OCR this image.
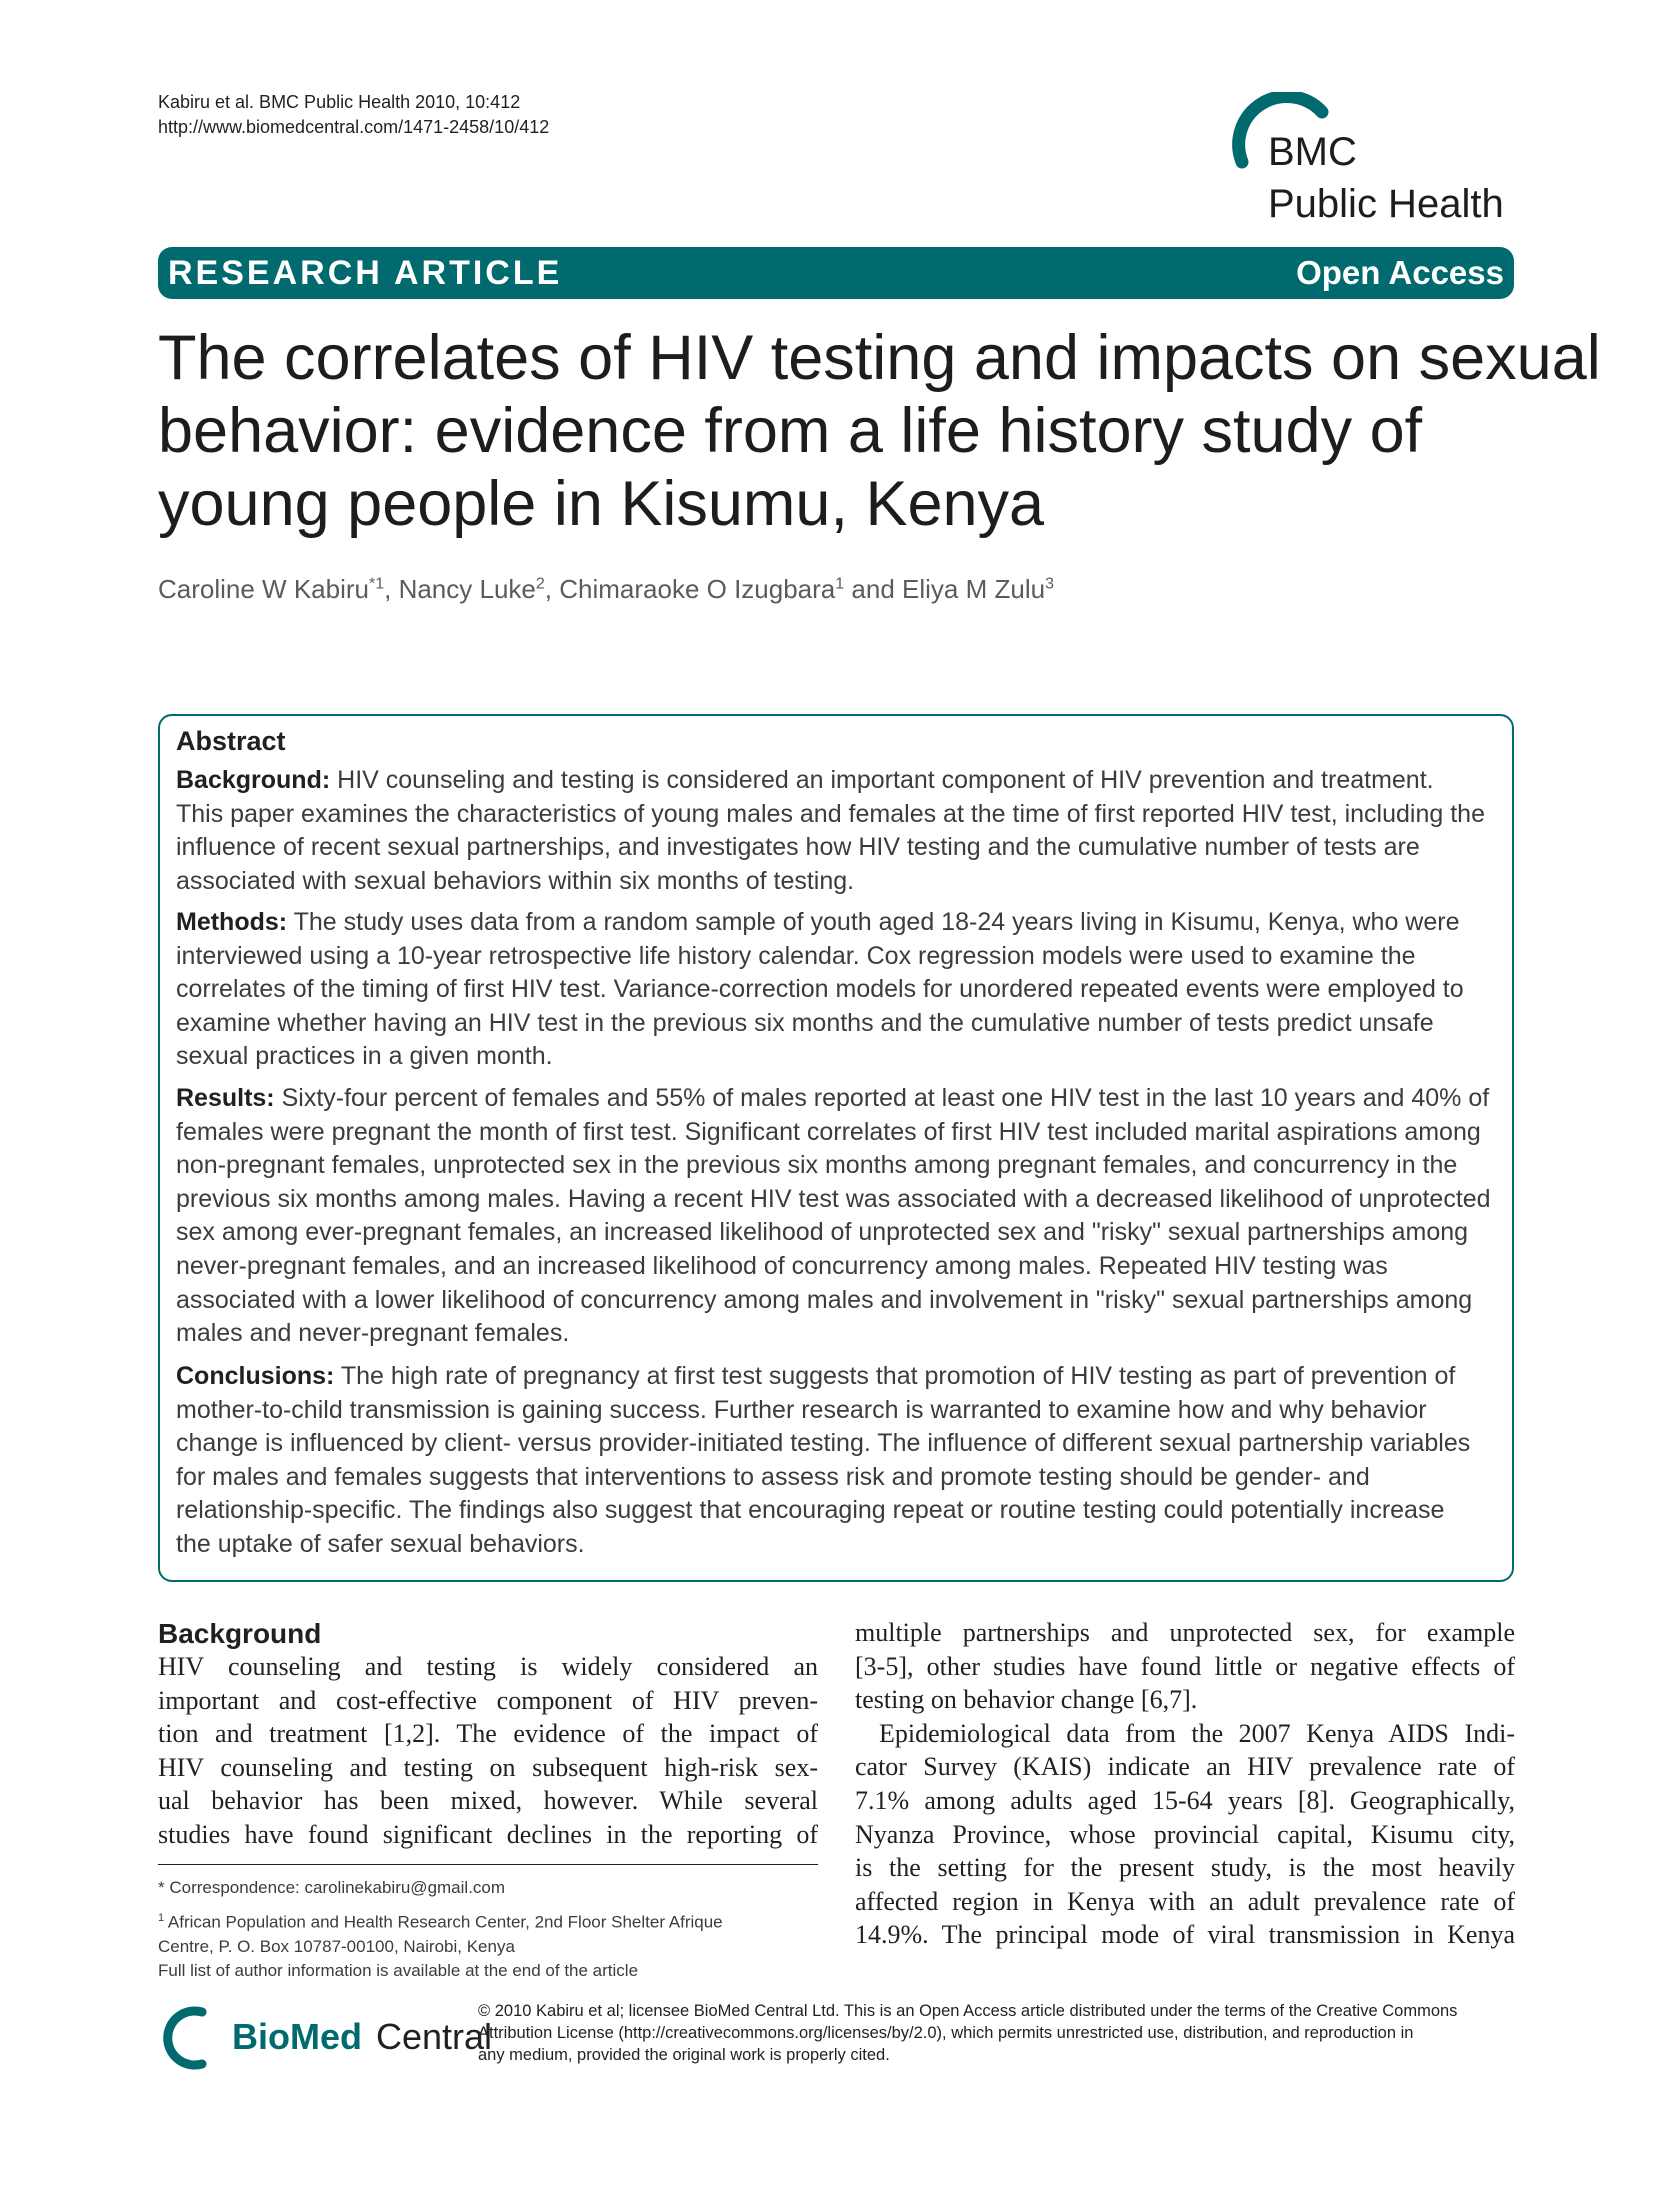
Kabiru et al. BMC Public Health 2010, 10:412
http://www.biomedcentral.com/1471-2458/10/412
BMC
Public Health
RESEARCH ARTICLE	Open Access
The correlates of HIV testing and impacts on sexual
behavior: evidence from a life history study of
young people in Kisumu, Kenya
Caroline W Kabiru$^{*1}$, Nancy Luke$^2$, Chimaraoke O Izugbara$^1$ and Eliya M Zulu$^3$
Abstract
Background: HIV counseling and testing is considered an important component of HIV prevention and treatment.
This paper examines the characteristics of young males and females at the time of first reported HIV test, including the
influence of recent sexual partnerships, and investigates how HIV testing and the cumulative number of tests are
associated with sexual behaviors within six months of testing.
Methods: The study uses data from a random sample of youth aged 18-24 years living in Kisumu, Kenya, who were
interviewed using a 10-year retrospective life history calendar. Cox regression models were used to examine the
correlates of the timing of first HIV test. Variance-correction models for unordered repeated events were employed to
examine whether having an HIV test in the previous six months and the cumulative number of tests predict unsafe
sexual practices in a given month.
Results: Sixty-four percent of females and 55% of males reported at least one HIV test in the last 10 years and 40% of
females were pregnant the month of first test. Significant correlates of first HIV test included marital aspirations among
non-pregnant females, unprotected sex in the previous six months among pregnant females, and concurrency in the
previous six months among males. Having a recent HIV test was associated with a decreased likelihood of unprotected
sex among ever-pregnant females, an increased likelihood of unprotected sex and "risky" sexual partnerships among
never-pregnant females, and an increased likelihood of concurrency among males. Repeated HIV testing was
associated with a lower likelihood of concurrency among males and involvement in "risky" sexual partnerships among
males and never-pregnant females.
Conclusions: The high rate of pregnancy at first test suggests that promotion of HIV testing as part of prevention of
mother-to-child transmission is gaining success. Further research is warranted to examine how and why behavior
change is influenced by client- versus provider-initiated testing. The influence of different sexual partnership variables
for males and females suggests that interventions to assess risk and promote testing should be gender- and
relationship-specific. The findings also suggest that encouraging repeat or routine testing could potentially increase
the uptake of safer sexual behaviors.
Background
HIV counseling and testing is widely considered an
important and cost-effective component of HIV preven-
tion and treatment [1,2]. The evidence of the impact of
HIV counseling and testing on subsequent high-risk sex-
ual behavior has been mixed, however. While several
studies have found significant declines in the reporting of
multiple partnerships and unprotected sex, for example
[3-5], other studies have found little or negative effects of
testing on behavior change [6,7].
Epidemiological data from the 2007 Kenya AIDS Indi-
cator Survey (KAIS) indicate an HIV prevalence rate of
7.1% among adults aged 15-64 years [8]. Geographically,
Nyanza Province, whose provincial capital, Kisumu city,
is the setting for the present study, is the most heavily
affected region in Kenya with an adult prevalence rate of
14.9%. The principal mode of viral transmission in Kenya
* Correspondence: carolinekabiru@gmail.com
$^1$ African Population and Health Research Center, 2nd Floor Shelter Afrique
Centre, P. O. Box 10787-00100, Nairobi, Kenya
Full list of author information is available at the end of the article
BioMed Central
© 2010 Kabiru et al; licensee BioMed Central Ltd. This is an Open Access article distributed under the terms of the Creative Commons
Attribution License (http://creativecommons.org/licenses/by/2.0), which permits unrestricted use, distribution, and reproduction in
any medium, provided the original work is properly cited.
